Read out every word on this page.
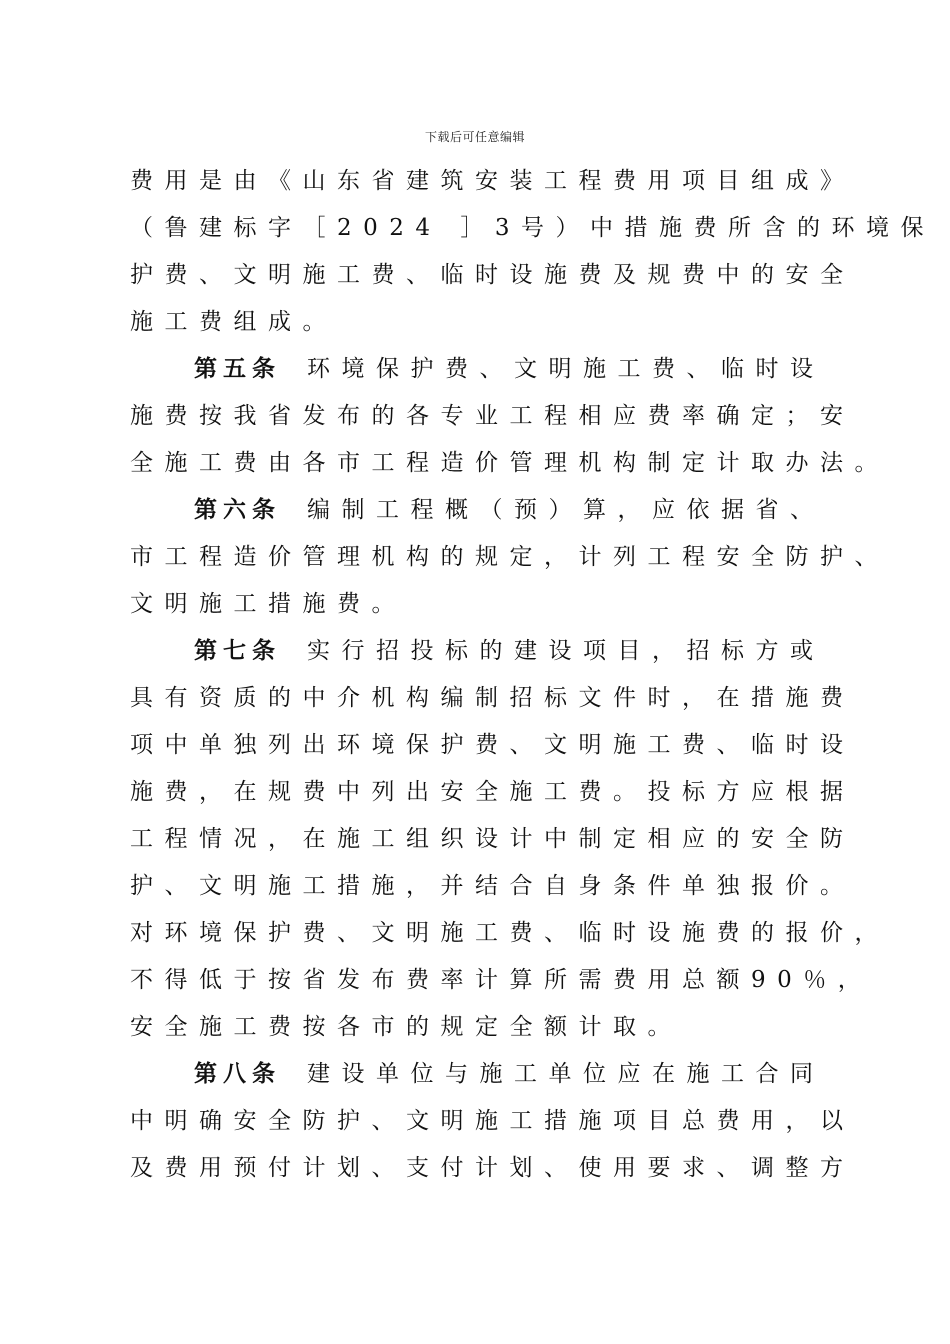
下载后可任意编辑
费用是由《山东省建筑安装工程费用项目组成》
（鲁建标字［2024 ］3号）中措施费所含的环境保
护费、文明施工费、临时设施费及规费中的安全
施工费组成。
第五条 环境保护费、文明施工费、临时设
施费按我省发布的各专业工程相应费率确定；安
全施工费由各市工程造价管理机构制定计取办法。
第六条 编制工程概（预）算，应依据省、
市工程造价管理机构的规定，计列工程安全防护、
文明施工措施费。
第七条 实行招投标的建设项目，招标方或
具有资质的中介机构编制招标文件时，在措施费
项中单独列出环境保护费、文明施工费、临时设
施费，在规费中列出安全施工费。投标方应根据
工程情况，在施工组织设计中制定相应的安全防
护、文明施工措施，并结合自身条件单独报价。
对环境保护费、文明施工费、临时设施费的报价，
不得低于按省发布费率计算所需费用总额90％，
安全施工费按各市的规定全额计取。
第八条 建设单位与施工单位应在施工合同
中明确安全防护、文明施工措施项目总费用，以
及费用预付计划、支付计划、使用要求、调整方
